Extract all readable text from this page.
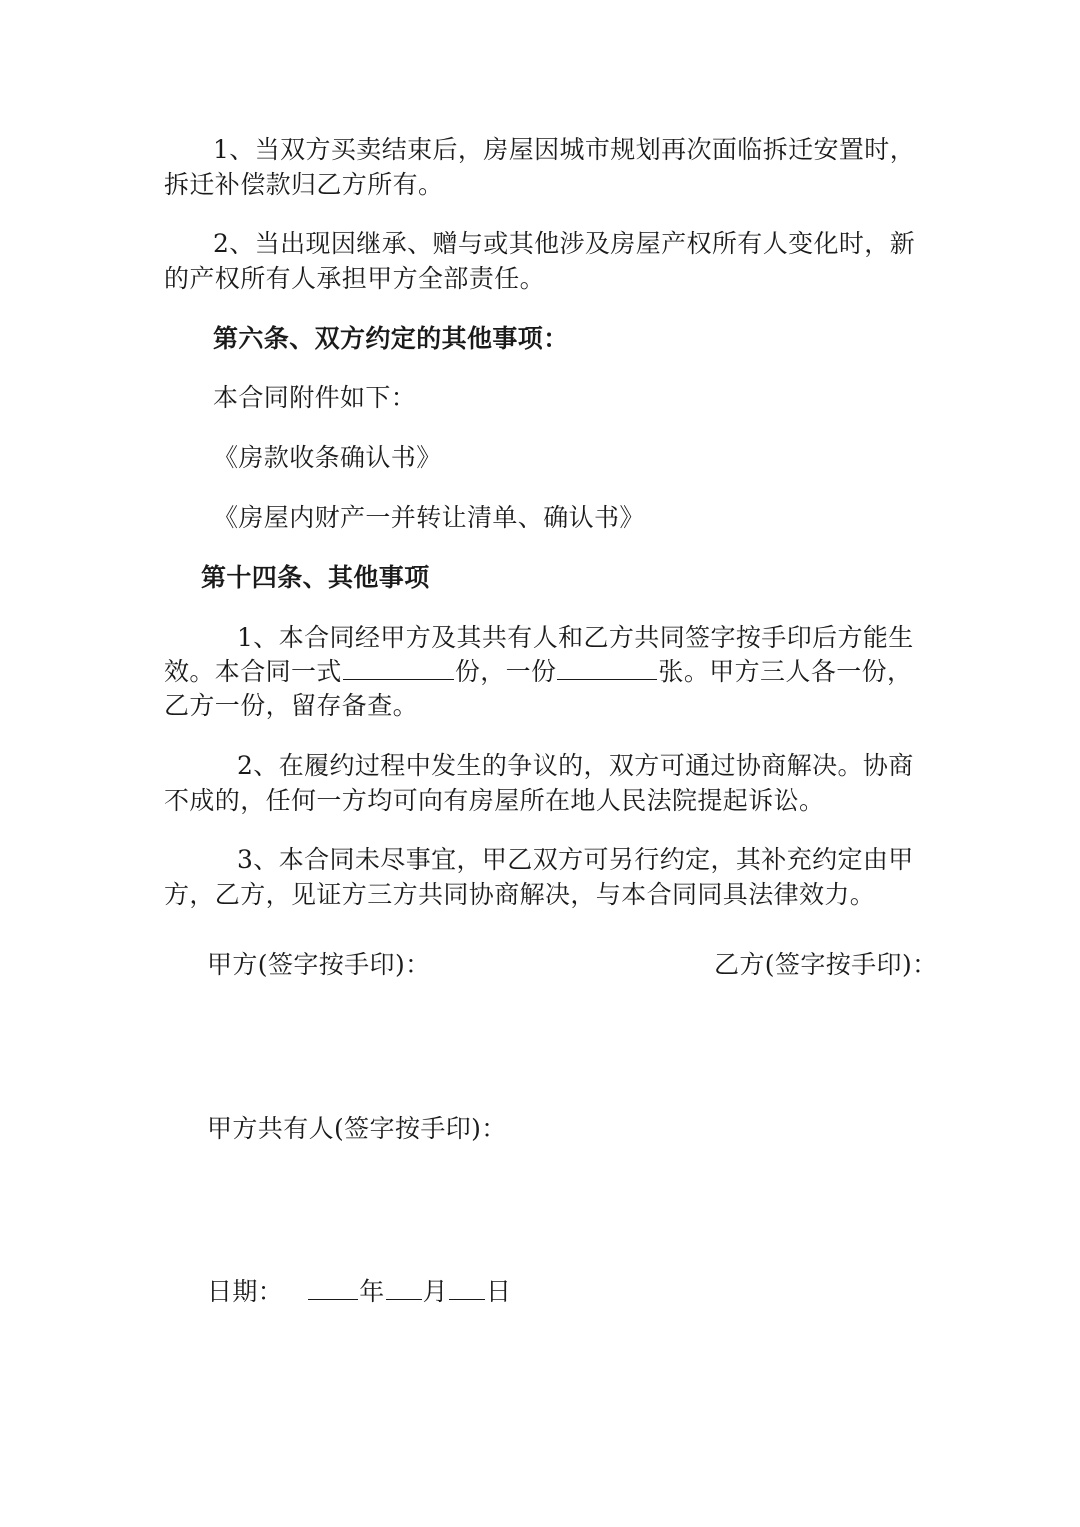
1、当双方买卖结束后，房屋因城市规划再次面临拆迁安置时，
拆迁补偿款归乙方所有。
2、当出现因继承、赠与或其他涉及房屋产权所有人变化时，新
的产权所有人承担甲方全部责任。
第六条、双方约定的其他事项：
本合同附件如下：
《房款收条确认书》
《房屋内财产一并转让清单、确认书》
第十四条、其他事项
1、本合同经甲方及其共有人和乙方共同签字按手印后方能生
效。本合同一式	份，一份	张。甲方三人各一份，
乙方一份，留存备查。
2、在履约过程中发生的争议的，双方可通过协商解决。协商
不成的，任何一方均可向有房屋所在地人民法院提起诉讼。
3、本合同未尽事宜，甲乙双方可另行约定，其补充约定由甲
方，乙方，见证方三方共同协商解决，与本合同同具法律效力。
甲方(签字按手印)：	乙方(签字按手印)：
甲方共有人(签字按手印)：
日期：	年 月 日
